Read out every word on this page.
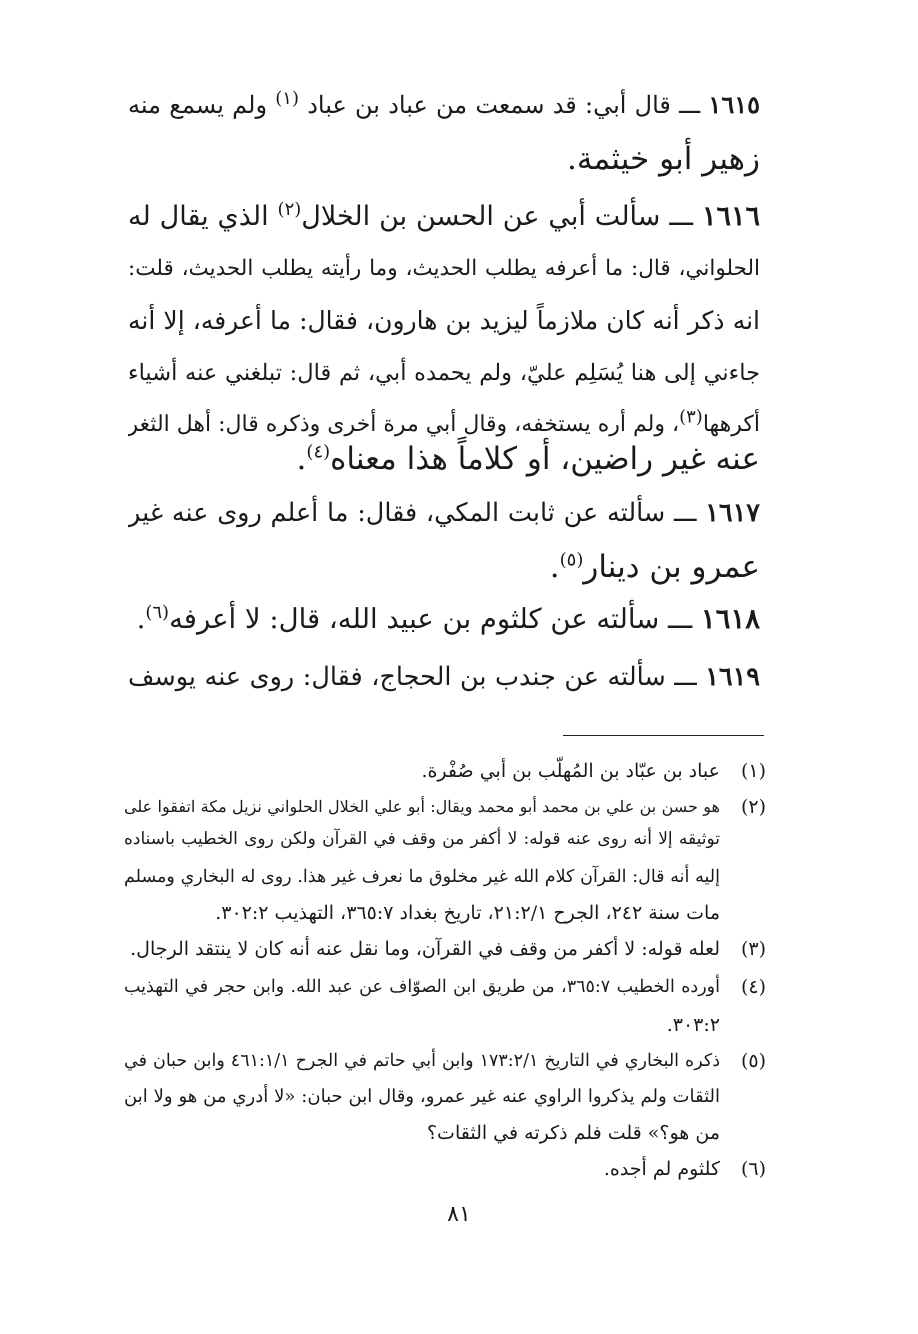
١٦١٥ ـــ قال أبي: قد سمعت من عباد بن عباد $^{(١)}$ ولم يسمع منه
زهير أبو خيثمة.
١٦١٦ ـــ سألت أبي عن الحسن بن الخلال$^{(٢)}$ الذي يقال له
الحلواني، قال: ما أعرفه يطلب الحديث، وما رأيته يطلب الحديث، قلت:
انه ذكر أنه كان ملازماً ليزيد بن هارون، فقال: ما أعرفه، إلا أنه
جاءني إلى هنا يُسَلِم عليّ، ولم يحمده أبي، ثم قال: تبلغني عنه أشياء
أكرهها$^{(٣)}$، ولم أره يستخفه، وقال أبي مرة أخرى وذكره قال: أهل الثغر
عنه غير راضين، أو كلاماً هذا معناه$^{(٤)}$.
١٦١٧ ـــ سألته عن ثابت المكي، فقال: ما أعلم روى عنه غير
عمرو بن دينار$^{(٥)}$.
١٦١٨ ـــ سألته عن كلثوم بن عبيد الله، قال: لا أعرفه$^{(٦)}$.
١٦١٩ ـــ سألته عن جندب بن الحجاج، فقال: روى عنه يوسف
(١)
عباد بن عبّاد بن المُهلّب بن أبي صُفْرة.
(٢)
هو حسن بن علي بن محمد أبو محمد ويقال: أبو علي الخلال الحلواني نزيل مكة اتفقوا على
توثيقه إلا أنه روى عنه قوله: لا أكفر من وقف في القرآن ولكن روى الخطيب باسناده
إليه أنه قال: القرآن كلام الله غير مخلوق ما نعرف غير هذا. روى له البخاري ومسلم
مات سنة ٢٤٢، الجرح ٢١:٢/١، تاريخ بغداد ٣٦٥:٧، التهذيب ٣٠٢:٢.
(٣)
لعله قوله: لا أكفر من وقف في القرآن، وما نقل عنه أنه كان لا ينتقد الرجال.
(٤)
أورده الخطيب ٣٦٥:٧، من طريق ابن الصوّاف عن عبد الله. وابن حجر في التهذيب
٣٠٣:٢.
(٥)
ذكره البخاري في التاريخ ١٧٣:٢/١ وابن أبي حاتم في الجرح ٤٦١:١/١ وابن حبان في
الثقات ولم يذكروا الراوي عنه غير عمرو، وقال ابن حبان: «لا أدري من هو ولا ابن
من هو؟» قلت فلم ذكرته في الثقات؟
(٦)
كلثوم لم أجده.
٨١
